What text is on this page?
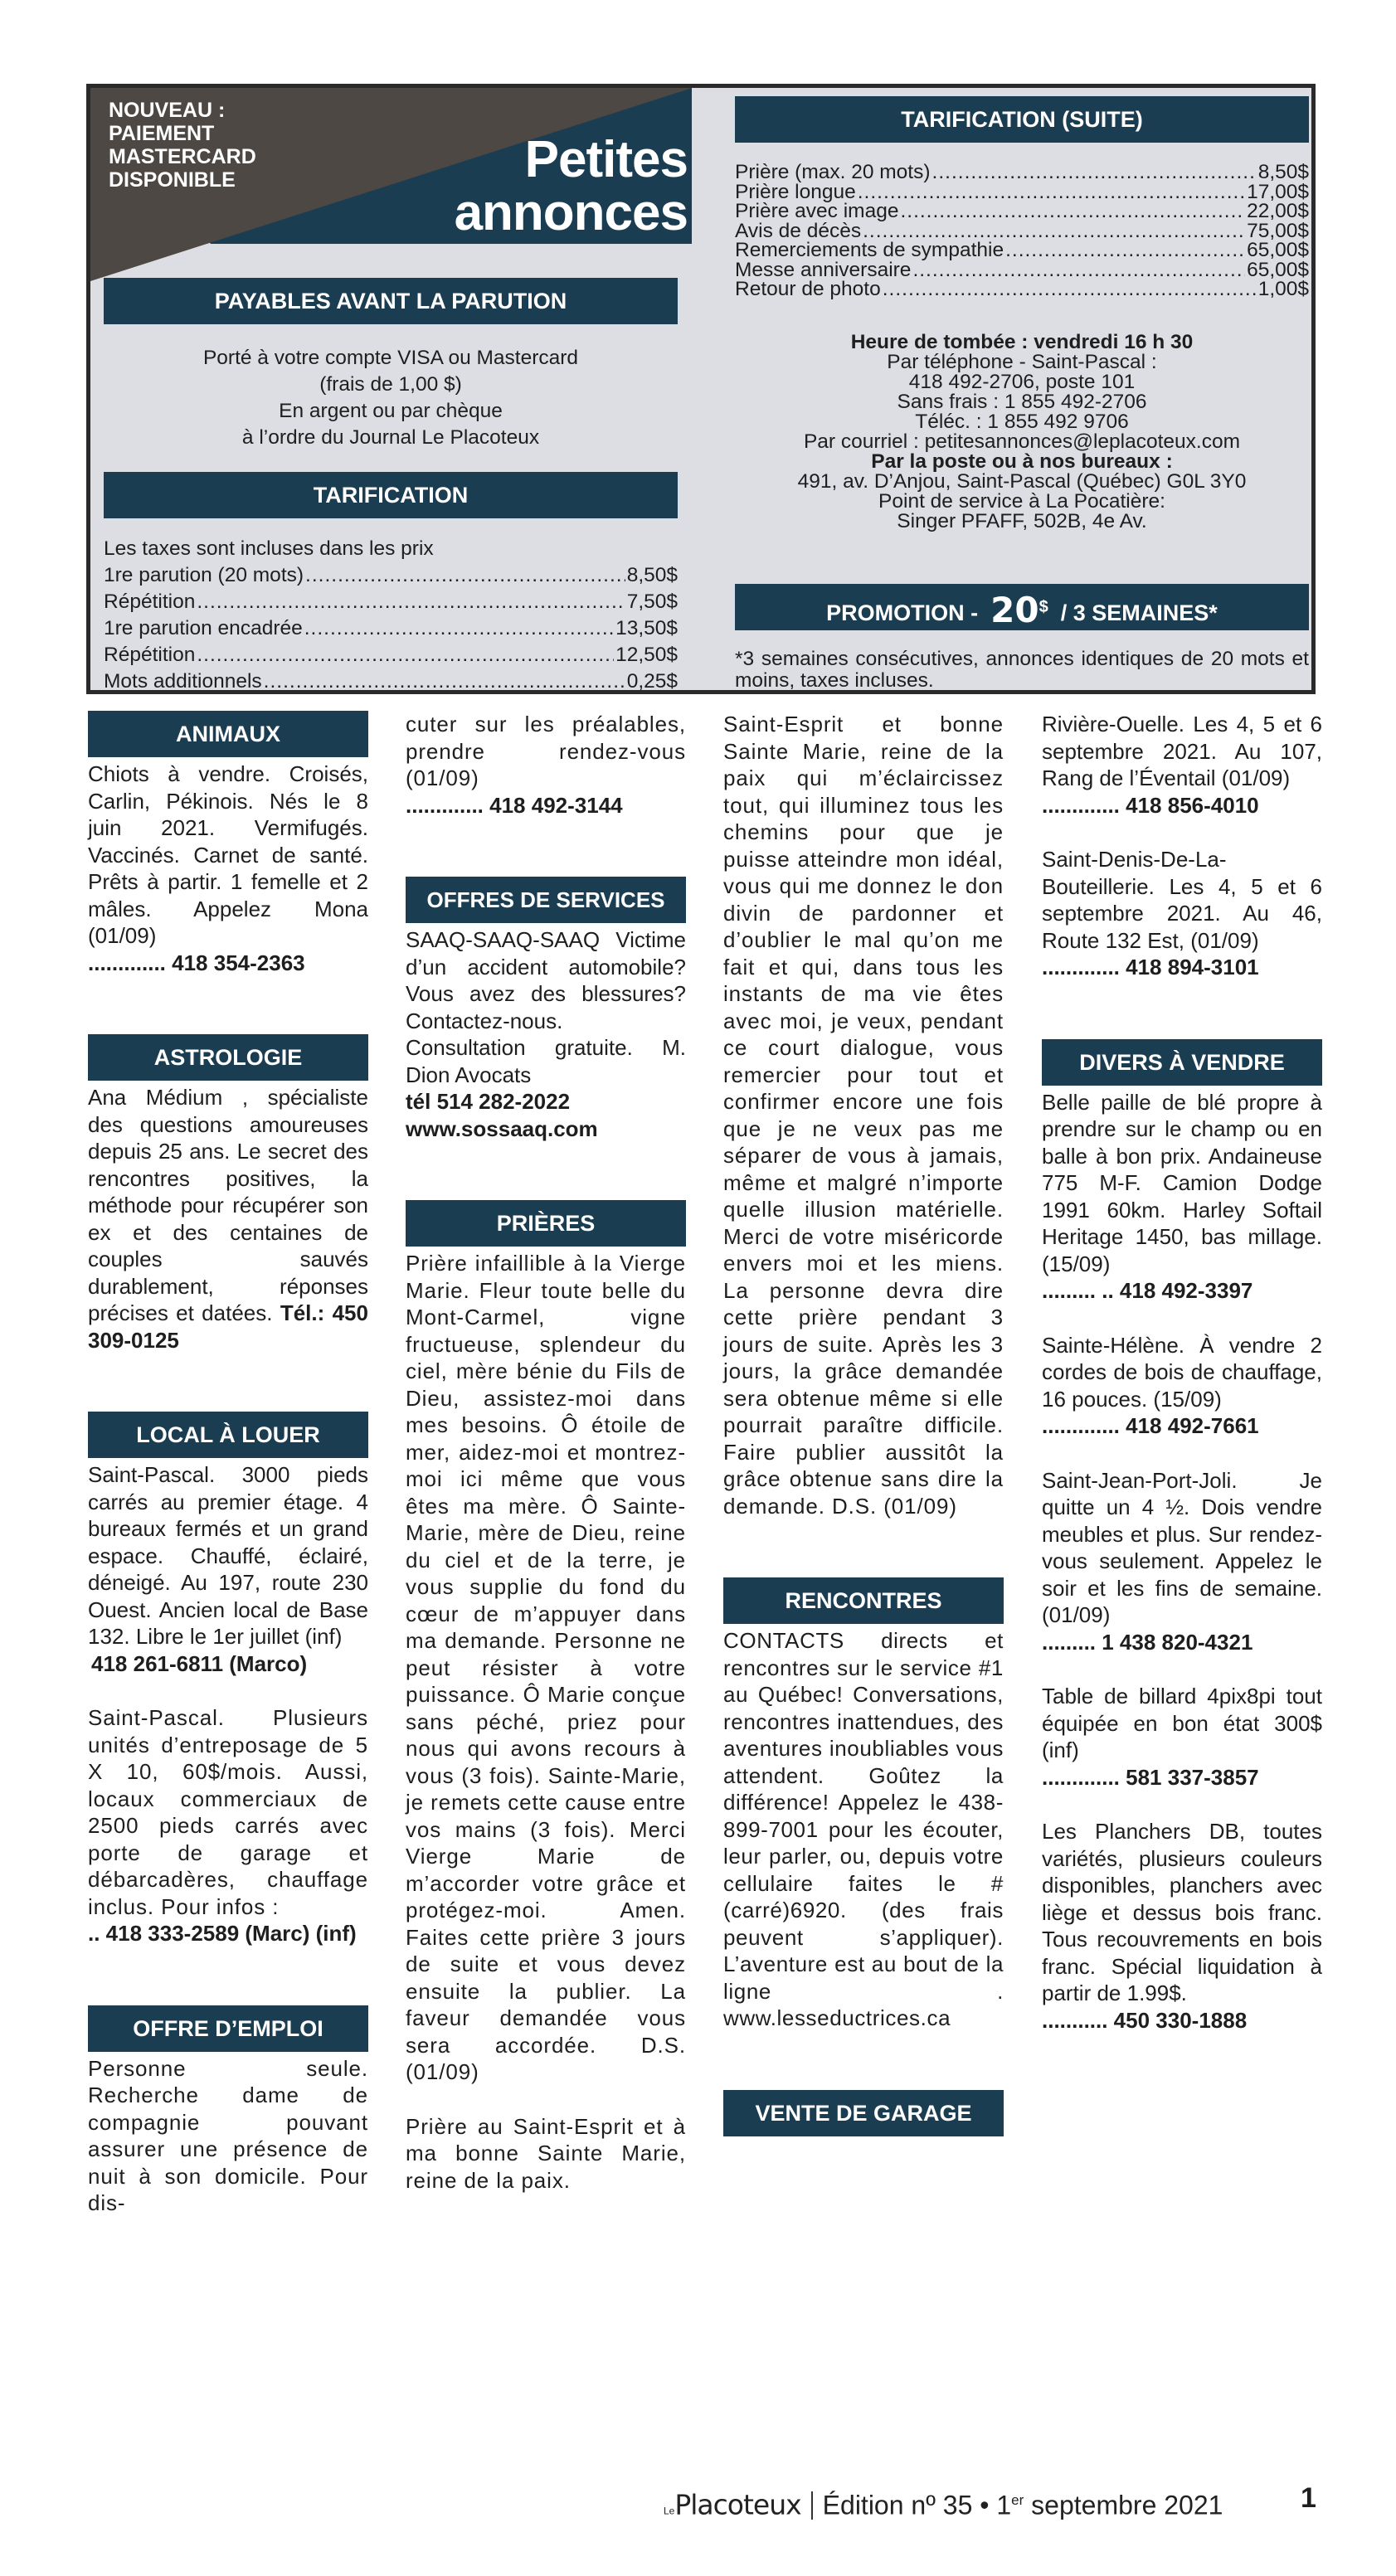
NOUVEAU :
PAIEMENT
MASTERCARD
DISPONIBLE	Petites
annonces
PAYABLES AVANT LA PARUTION
Porté à votre compte VISA ou Mastercard
(frais de 1,00 $)
En argent ou par chèque
à l’ordre du Journal Le Placoteux
TARIFICATION
Les taxes sont incluses dans les prix
1re parution (20 mots) .....	8,50$
Répétition .....	7,50$
1re parution encadrée .....	13,50$
Répétition .....	12,50$
Mots additionnels .....	0,25$
TARIFICATION (SUITE)
Prière (max. 20 mots) .....	8,50$
Prière longue .....	17,00$
Prière avec image .....	22,00$
Avis de décès .....	75,00$
Remerciements de sympathie .....	65,00$
Messe anniversaire .....	65,00$
Retour de photo .....	1,00$
Heure de tombée : vendredi 16 h 30
Par téléphone - Saint-Pascal :
418 492-2706, poste 101
Sans frais : 1 855 492-2706
Téléc. : 1 855 492 9706
Par courriel : petitesannonces@leplacoteux.com
Par la poste ou à nos bureaux :
491, av. D’Anjou, Saint-Pascal (Québec) G0L 3Y0
Point de service à La Pocatière:
Singer PFAFF, 502B, 4e Av.
PROMOTION - 20$ / 3 SEMAINES*
*3 semaines consécutives, annonces identiques de 20 mots et moins, taxes incluses.
ANIMAUX

Chiots à vendre. Croisés, Carlin, Pékinois. Nés le 8 juin 2021. Vermifugés. Vaccinés. Carnet de santé. Prêts à partir. 1 femelle et 2 mâles. Appelez Mona (01/09)

............. 418 354-2363

ASTROLOGIE

Ana Médium , spécialiste des questions amoureuses depuis 25 ans. Le secret des rencontres positives, la méthode pour récupérer son ex et des centaines de couples sauvés durablement, réponses précises et datées. Tél.: 450 309-0125

LOCAL À LOUER

Saint-Pascal. 3000 pieds carrés au premier étage. 4 bureaux fermés et un grand espace. Chauffé, éclairé, déneigé. Au 197, route 230 Ouest. Ancien local de Base 132. Libre le 1er juillet (inf)

418 261-6811 (Marco)

Saint-Pascal. Plusieurs unités d’entreposage de 5 X 10, 60$/mois. Aussi, locaux commerciaux de 2500 pieds carrés avec porte de garage et débarcadères, chauffage inclus. Pour infos :

.. 418 333-2589 (Marc) (inf)

OFFRE D’EMPLOI

Personne seule. Recherche dame de compagnie pouvant assurer une présence de nuit à son domicile. Pour dis-

cuter sur les préalables, prendre rendez-vous (01/09)

............. 418 492-3144

OFFRES DE SERVICES

SAAQ-SAAQ-SAAQ Victime d’un accident automobile? Vous avez des blessures? Contactez-nous. Consultation gratuite. M. Dion Avocats

tél 514 282-2022

www.sossaaq.com

PRIÈRES

Prière infaillible à la Vierge Marie. Fleur toute belle du Mont-Carmel, vigne fructueuse, splendeur du ciel, mère bénie du Fils de Dieu, assistez-moi dans mes besoins. Ô étoile de mer, aidez-moi et montrez-moi ici même que vous êtes ma mère. Ô Sainte-Marie, mère de Dieu, reine du ciel et de la terre, je vous supplie du fond du cœur de m’appuyer dans ma demande. Personne ne peut résister à votre puissance. Ô Marie conçue sans péché, priez pour nous qui avons recours à vous (3 fois). Sainte-Marie, je remets cette cause entre vos mains (3 fois). Merci Vierge Marie de m’accorder votre grâce et protégez-moi. Amen. Faites cette prière 3 jours de suite et vous devez ensuite la publier. La faveur demandée vous sera accordée. D.S. (01/09)

Prière au Saint-Esprit et à ma bonne Sainte Marie, reine de la paix.

Saint-Esprit et bonne Sainte Marie, reine de la paix qui m’éclaircissez tout, qui illuminez tous les chemins pour que je puisse atteindre mon idéal, vous qui me donnez le don divin de pardonner et d’oublier le mal qu’on me fait et qui, dans tous les instants de ma vie êtes avec moi, je veux, pendant ce court dialogue, vous remercier pour tout et confirmer encore une fois que je ne veux pas me séparer de vous à jamais, même et malgré n’importe quelle illusion matérielle. Merci de votre miséricorde envers moi et les miens. La personne devra dire cette prière pendant 3 jours de suite. Après les 3 jours, la grâce demandée sera obtenue même si elle pourrait paraître difficile. Faire publier aussitôt la grâce obtenue sans dire la demande. D.S. (01/09)

RENCONTRES

CONTACTS directs et rencontres sur le service #1 au Québec! Conversations, rencontres inattendues, des aventures inoubliables vous attendent. Goûtez la différence! Appelez le 438-899-7001 pour les écouter, leur parler, ou, depuis votre cellulaire faites le #(carré)6920. (des frais peuvent s’appliquer). L’aventure est au bout de la ligne . www.lesseductrices.ca

VENTE DE GARAGE

Rivière-Ouelle. Les 4, 5 et 6 septembre 2021. Au 107, Rang de l’Éventail (01/09)

............. 418 856-4010

Saint-Denis-De-La-Bouteillerie. Les 4, 5 et 6 septembre 2021. Au 46, Route 132 Est, (01/09)

............. 418 894-3101

DIVERS À VENDRE

Belle paille de blé propre à prendre sur le champ ou en balle à bon prix. Andaineuse 775 M-F. Camion Dodge 1991 60km. Harley Softail Heritage 1450, bas millage. (15/09)

......... .. 418 492-3397

Sainte-Hélène. À vendre 2 cordes de bois de chauffage, 16 pouces. (15/09)

............. 418 492-7661

Saint-Jean-Port-Joli. Je quitte un 4 ½. Dois vendre meubles et plus. Sur rendez-vous seulement. Appelez le soir et les fins de semaine. (01/09)

......... 1 438 820-4321

Table de billard 4pix8pi tout équipée en bon état 300$ (inf)

............. 581 337-3857

Les Planchers DB, toutes variétés, plusieurs couleurs disponibles, planchers avec liège et dessus bois franc. Tous recouvrements en bois franc. Spécial liquidation à partir de 1.99$.

........... 450 330-1888

LePlacoteux Édition nº 35 • 1er septembre 2021	1
